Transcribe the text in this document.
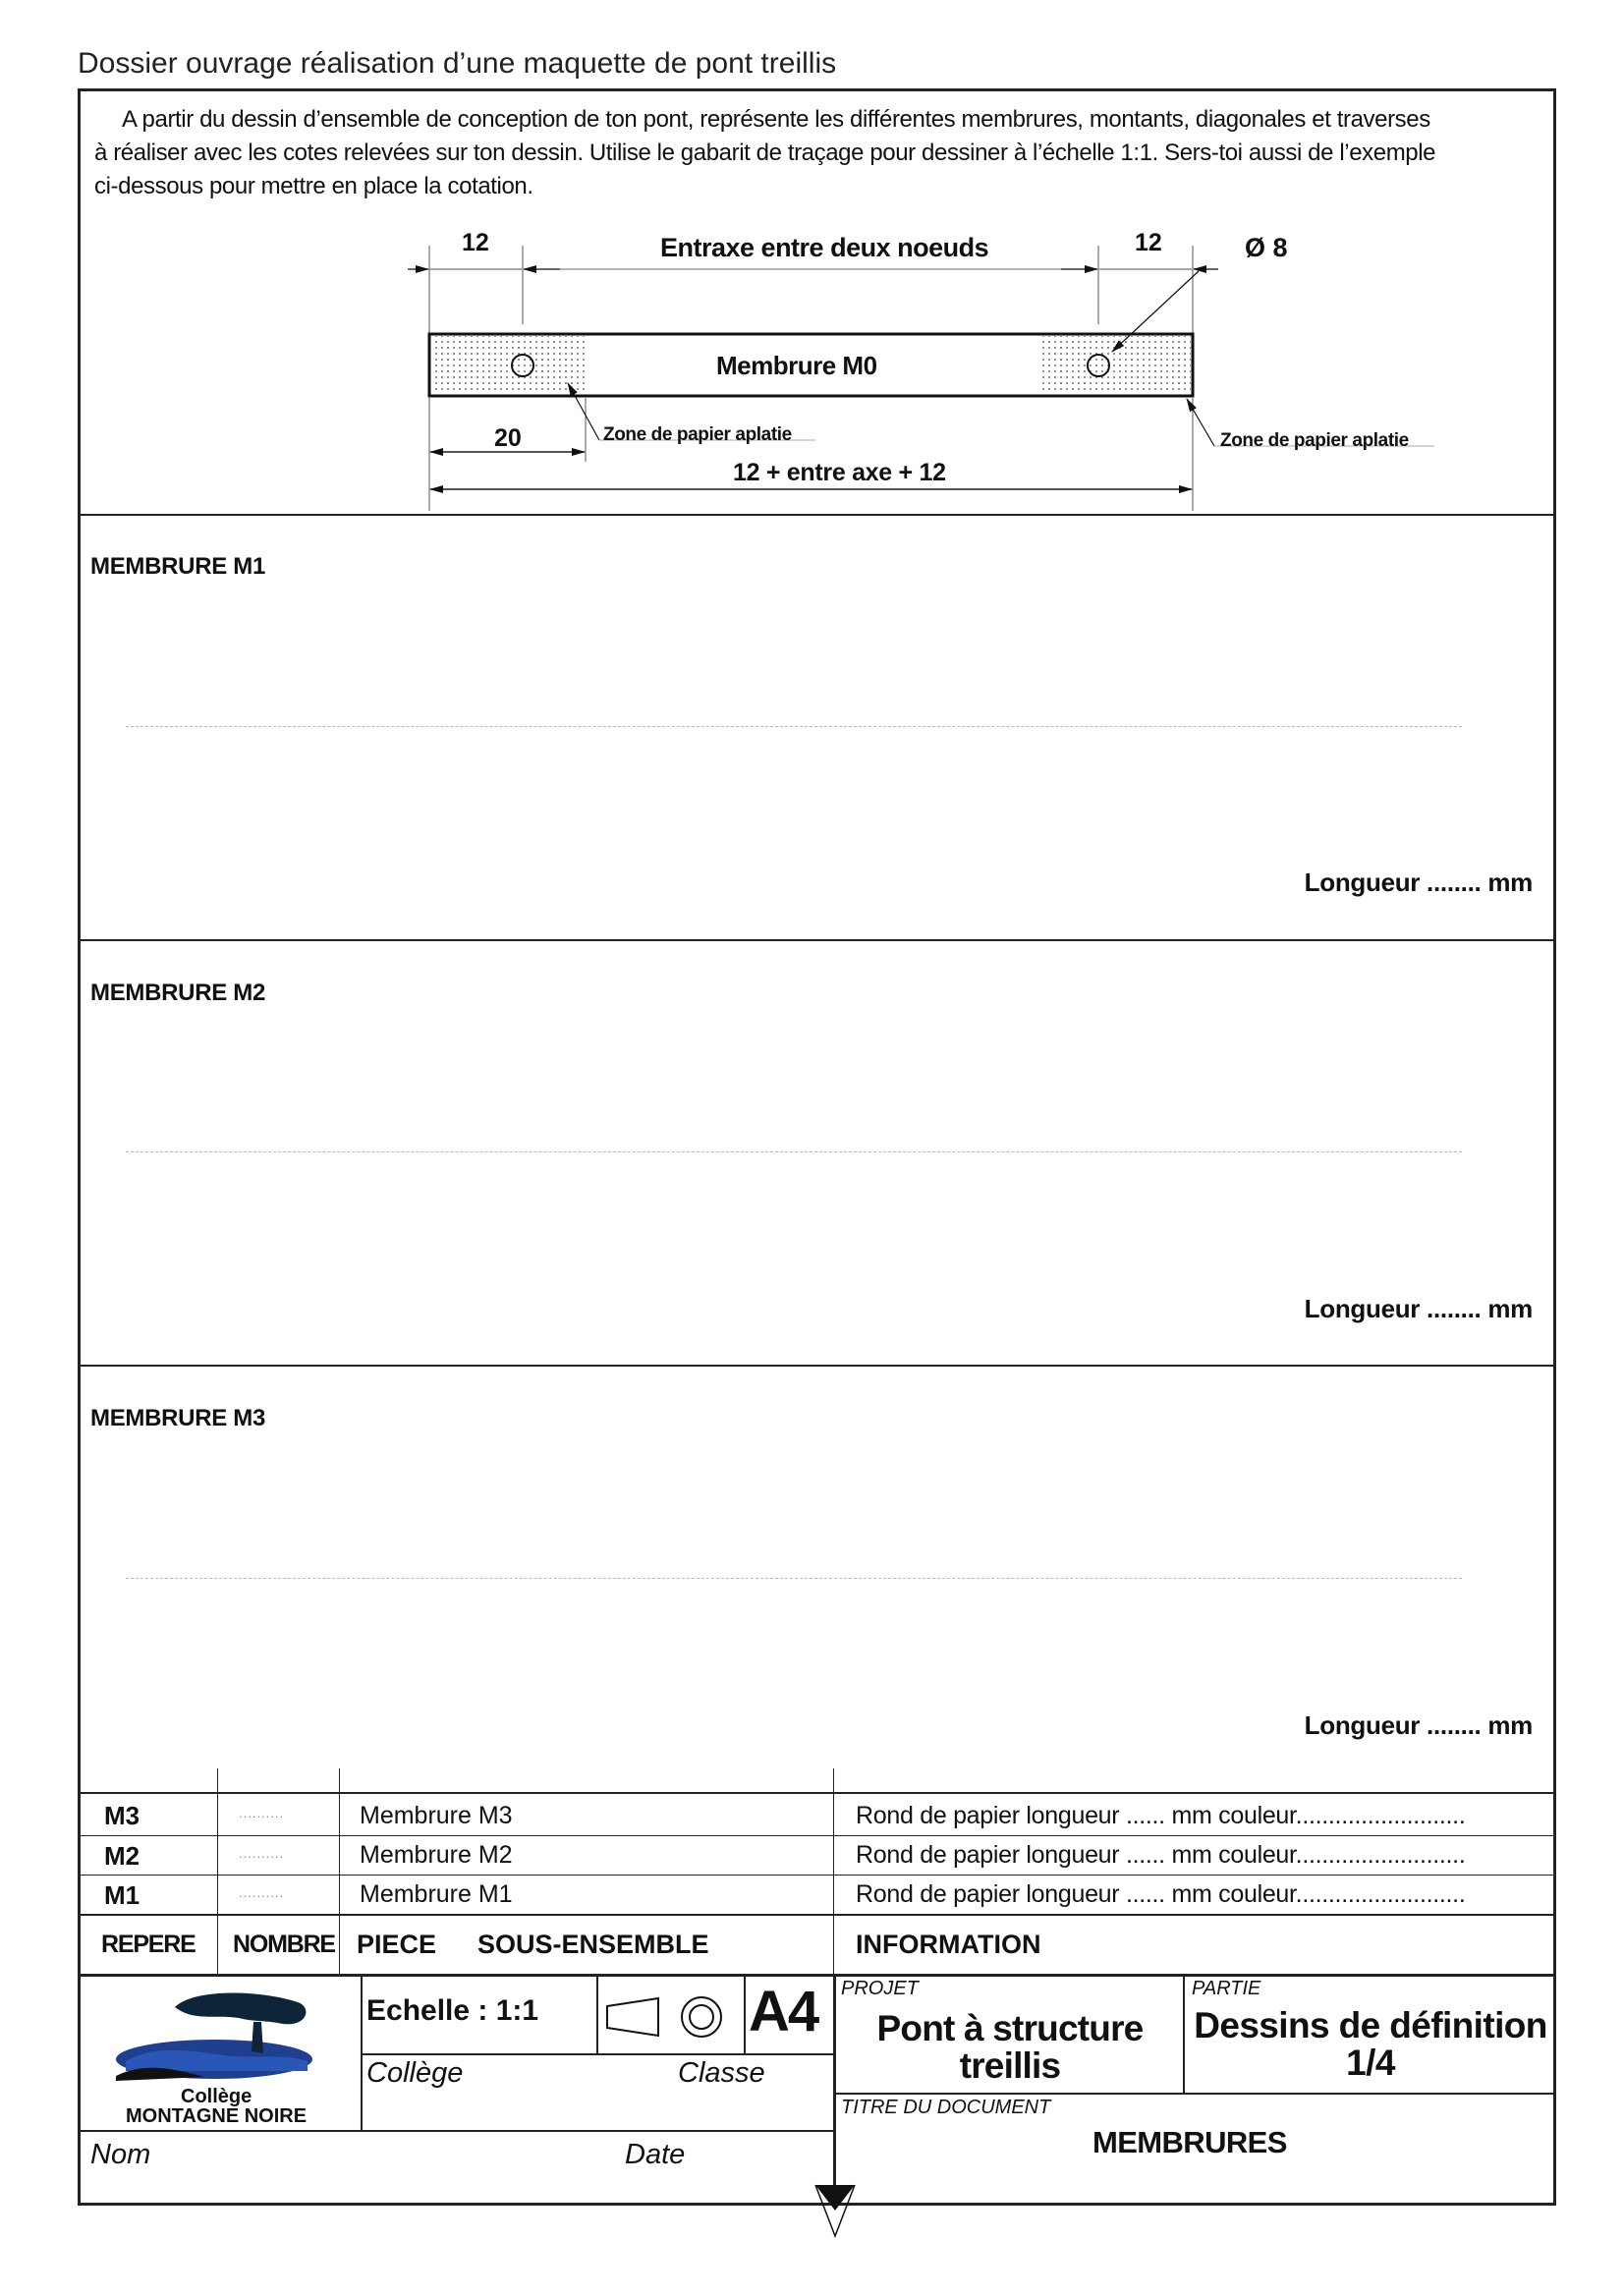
Dossier ouvrage réalisation d’une maquette de pont treillis
A partir du dessin d’ensemble de conception de ton pont, représente les différentes membrures, montants, diagonales et traverses
à réaliser avec les cotes relevées sur ton dessin. Utilise le gabarit de traçage pour dessiner à l’échelle 1:1. Sers-toi aussi de l’exemple
ci-dessous pour mettre en place la cotation.
12	Entraxe entre deux noeuds	12	Ø 8
Membrure M0
20	Zone de papier aplatie	Zone de papier aplatie
12 + entre axe + 12
MEMBRURE M1
Longueur ........ mm
MEMBRURE M2
Longueur ........ mm
MEMBRURE M3
Longueur ........ mm
M3	..........	Membrure M3	Rond de papier longueur ...... mm couleur..........................
M2	..........	Membrure M2	Rond de papier longueur ...... mm couleur..........................
M1	..........	Membrure M1	Rond de papier longueur ...... mm couleur..........................
REPERE NOMBRE PIECE SOUS-ENSEMBLE	INFORMATION
Collège
MONTAGNE NOIRE
Echelle : 1:1	A4
Collège	Classe
Nom	Date
PROJET
Pont à structure
treillis
PARTIE
Dessins de définition
1/4
TITRE DU DOCUMENT
MEMBRURES
